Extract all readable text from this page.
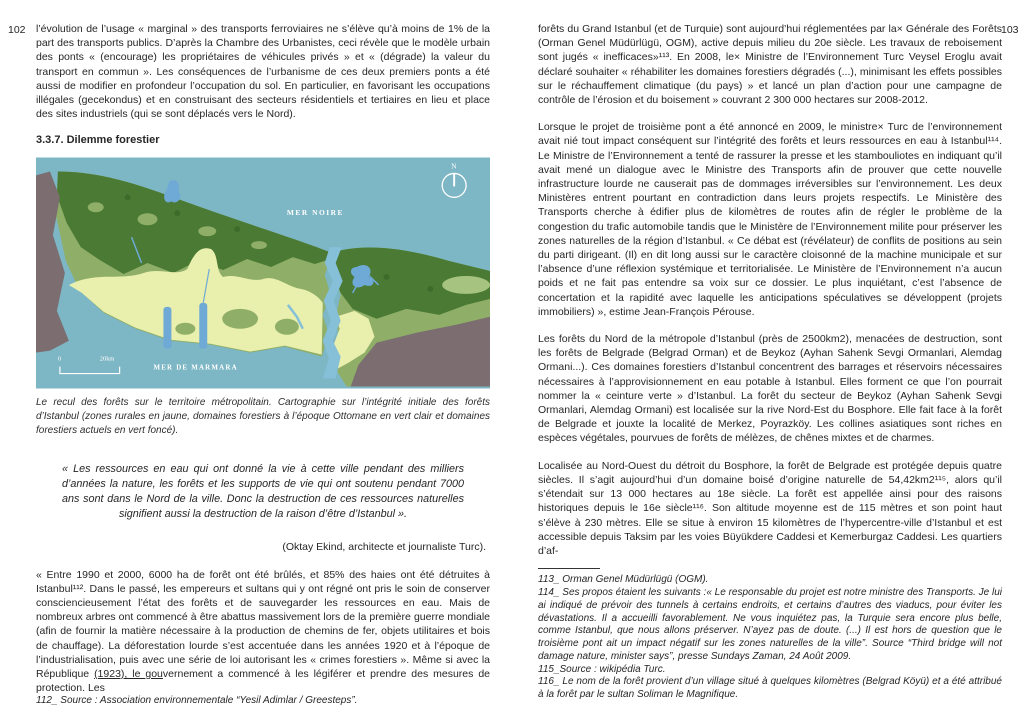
102	103

l’évolution de l’usage « marginal » des transports ferroviaires ne s’élève qu’à moins de 1% de la part des transports publics. D’après la Chambre des Urbanistes, ceci révèle que le modèle urbain des ponts « (encourage) les propriétaires de véhicules privés » et « (dégrade) la valeur du transport en commun ». Les conséquences de l’urbanisme de ces deux premiers ponts a été aussi de modifier en profondeur l’occupation du sol. En particulier, en favorisant les occupations illégales (gecekondus) et en construisant des secteurs résidentiels et tertiaires en lieu et place des sites industriels (qui se sont déplacés vers le Nord).

3.3.7. Dilemme forestier
MER NOIRE
MER DE MARMARA
N
0	20km

Le recul des forêts sur le territoire métropolitain. Cartographie sur l’intégrité initiale des forêts d’Istanbul (zones rurales en jaune, domaines forestiers à l’époque Ottomane en vert clair et domaines forestiers actuels en vert foncé).

« Les ressources en eau qui ont donné la vie à cette ville pendant des milliers d’années la nature, les forêts et les supports de vie qui ont soutenu pendant 7000 ans sont dans le Nord de la ville. Donc la destruction de ces ressources naturelles signifient aussi la destruction de la raison d’être d’Istanbul ».

(Oktay Ekind, architecte et journaliste Turc).

« Entre 1990 et 2000, 6000 ha de forêt ont été brûlés, et 85% des haies ont été détruites à Istanbul¹¹². Dans le passé, les empereurs et sultans qui y ont régné ont pris le soin de conserver consciencieusement l’état des forêts et de sauvegarder les ressources en eau. Mais de nombreux arbres ont commencé à être abattus massivement lors de la première guerre mondiale (afin de fournir la matière nécessaire à la production de chemins de fer, objets utilitaires et bois de chauffage). La déforestation lourde s’est accentuée dans les années 1920 et à l’époque de l’industrialisation, puis avec une série de loi autorisant les « crimes forestiers ». Même si avec la République (1923), le gouvernement a commencé à les légiférer et prendre des mesures de protection. Les

112_ Source : Association environnementale “Yesil Adimlar / Greesteps”.

forêts du Grand Istanbul (et de Turquie) sont aujourd’hui réglementées par la× Générale des Forêts (Orman Genel Müdürlügü, OGM), active depuis milieu du 20e siècle. Les travaux de reboisement sont jugés « inefficaces»¹¹³. En 2008, le× Ministre de l’Environnement Turc Veysel Eroglu avait déclaré souhaiter « réhabiliter les domaines forestiers dégradés (...), minimisant les effets possibles sur le réchauffement climatique (du pays) » et lancé un plan d’action pour une campagne de contrôle de l’érosion et du boisement » couvrant 2 300 000 hectares sur 2008-2012.

Lorsque le projet de troisième pont a été annoncé en 2009, le ministre× Turc de l’environnement avait nié tout impact conséquent sur l’intégrité des forêts et leurs ressources en eau à Istanbul¹¹⁴. Le Ministre de l’Environnement a tenté de rassurer la presse et les stambouliotes en indiquant qu’il avait mené un dialogue avec le Ministre des Transports afin de prouver que cette nouvelle infrastructure lourde ne causerait pas de dommages irréversibles sur l’environnement. Les deux Ministères entrent pourtant en contradiction dans leurs projets respectifs. Le Ministère des Transports cherche à édifier plus de kilomètres de routes afin de régler le problème de la congestion du trafic automobile tandis que le Ministère de l’Environnement milite pour préserver les zones naturelles de la région d’Istanbul. « Ce débat est (révélateur) de conflits de positions au sein du parti dirigeant. (Il) en dit long aussi sur le caractère cloisonné de la machine municipale et sur l’absence d’une réflexion systémique et territorialisée. Le Ministère de l’Environnement n’a aucun poids et ne fait pas entendre sa voix sur ce dossier. Le plus inquiétant, c’est l’absence de concertation et la rapidité avec laquelle les anticipations spéculatives se développent (projets immobiliers) », estime Jean-François Pérouse.

Les forêts du Nord de la métropole d’Istanbul (près de 2500km2), menacées de destruction, sont les forêts de Belgrade (Belgrad Orman) et de Beykoz (Ayhan Sahenk Sevgi Ormanlari, Alemdag Ormani...). Ces domaines forestiers d’Istanbul concentrent des barrages et réservoirs nécessaires nécessaires à l’approvisionnement en eau potable à Istanbul. Elles forment ce que l’on pourrait nommer la « ceinture verte » d’Istanbul. La forêt du secteur de Beykoz (Ayhan Sahenk Sevgi Ormanlari, Alemdag Ormani) est localisée sur la rive Nord-Est du Bosphore. Elle fait face à la forêt de Belgrade et jouxte la localité de Merkez, Poyrazköy. Les collines asiatiques sont riches en espèces végétales, pourvues de forêts de mélèzes, de chênes mixtes et de charmes.

Localisée au Nord-Ouest du détroit du Bosphore, la forêt de Belgrade est protégée depuis quatre siècles. Il s’agit aujourd’hui d’un domaine boisé d’origine naturelle de 54,42km2¹¹⁵, alors qu’il s’étendait sur 13 000 hectares au 18e siècle. La forêt est appellée ainsi pour des raisons historiques depuis le 16e siècle¹¹⁶. Son altitude moyenne est de 115 mètres et son point haut s’élève à 230 mètres. Elle se situe à environ 15 kilomètres de l’hypercentre-ville d’Istanbul et est accessible depuis Taksim par les voies Büyükdere Caddesi et Kemerburgaz Caddesi. Les quartiers d’af-

113_ Orman Genel Müdürlügü (OGM).

114_ Ses propos étaient les suivants :« Le responsable du projet est notre ministre des Transports. Je lui ai indiqué de prévoir des tunnels à certains endroits, et certains d’autres des viaducs, pour éviter les dévastations. Il a accueilli favorablement. Ne vous inquiétez pas, la Turquie sera encore plus belle, comme Istanbul, que nous allons préserver. N’ayez pas de doute. (...) Il est hors de question que le troisième pont ait un impact négatif sur les zones naturelles de la ville”. Source “Third bridge will not damage nature, minister says”, presse Sundays Zaman, 24 Août 2009.

115_Source : wikipédia Turc.

116_ Le nom de la forêt provient d’un village situé à quelques kilomètres (Belgrad Köyü) et a été attribué à la forêt par le sultan Soliman le Magnifique.
